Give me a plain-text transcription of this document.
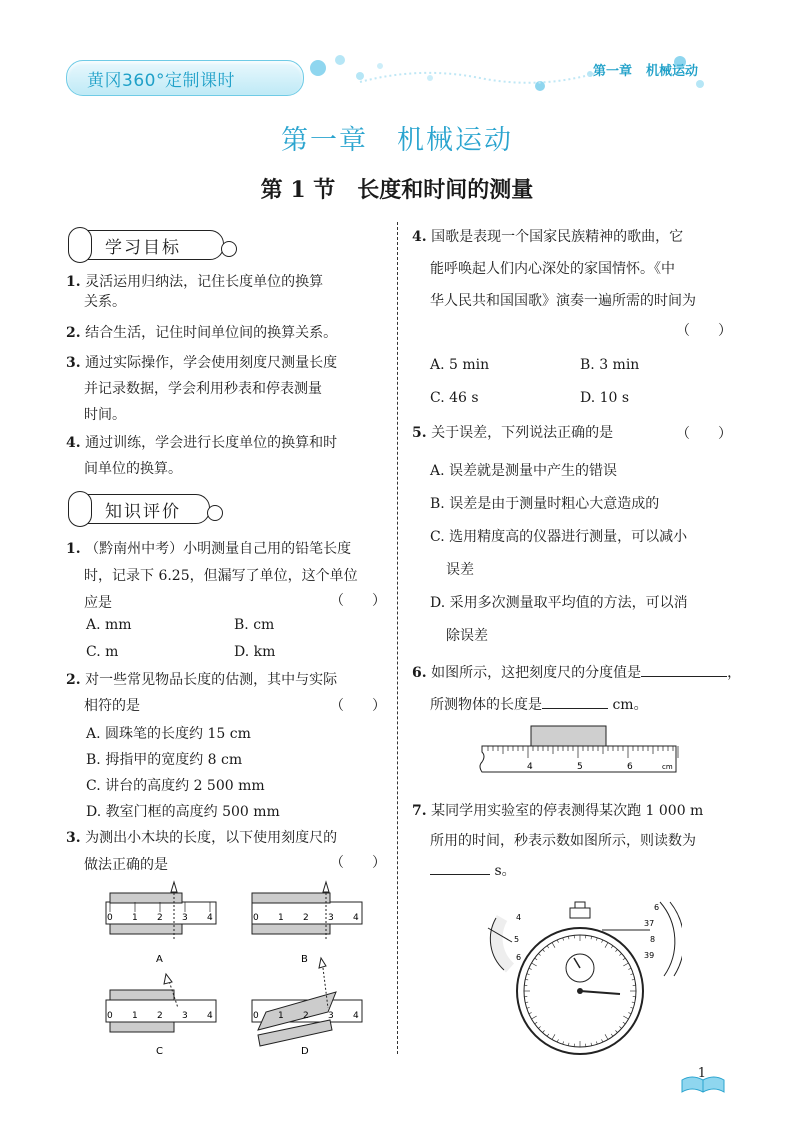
黄冈360°定制课时	第一章 机械运动
第一章　机械运动
第 1 节　长度和时间的测量
学习目标
1. 灵活运用归纳法，记住长度单位的换算
关系。
2. 结合生活，记住时间单位间的换算关系。
3. 通过实际操作，学会使用刻度尺测量长度
并记录数据，学会利用秒表和停表测量
时间。
4. 通过训练，学会进行长度单位的换算和时
间单位的换算。
知识评价
1. （黔南州中考）小明测量自己用的铅笔长度
时，记录下 6.25，但漏写了单位，这个单位
应是	（　　）
A. mm	B. cm
C. m	D. km
2. 对一些常见物品长度的估测，其中与实际
相符的是	（　　）
A. 圆珠笔的长度约 15 cm
B. 拇指甲的宽度约 8 cm
C. 讲台的高度约 2 500 mm
D. 教室门框的高度约 500 mm
3. 为测出小木块的长度，以下使用刻度尺的
做法正确的是	（　　）
0 1 2 3 4
A
0 1 2 3 4
B
0 1 2 3 4
C
0 1 2 3 4
D
4. 国歌是表现一个国家民族精神的歌曲，它
能呼唤起人们内心深处的家国情怀。《中
华人民共和国国歌》演奏一遍所需的时间为
（　　）
A. 5 min	B. 3 min
C. 46 s	D. 10 s
5. 关于误差，下列说法正确的是	（　　）
A. 误差就是测量中产生的错误
B. 误差是由于测量时粗心大意造成的
C. 选用精度高的仪器进行测量，可以减小
误差
D. 采用多次测量取平均值的方法，可以消
除误差
6. 如图所示，这把刻度尺的分度值是	，
所测物体的长度是	cm。
4	5	6	cm
7. 某同学用实验室的停表测得某次跑 1 000 m
所用的时间，秒表示数如图所示，则读数为
s。
4
5
6
6
37
8
39
1
